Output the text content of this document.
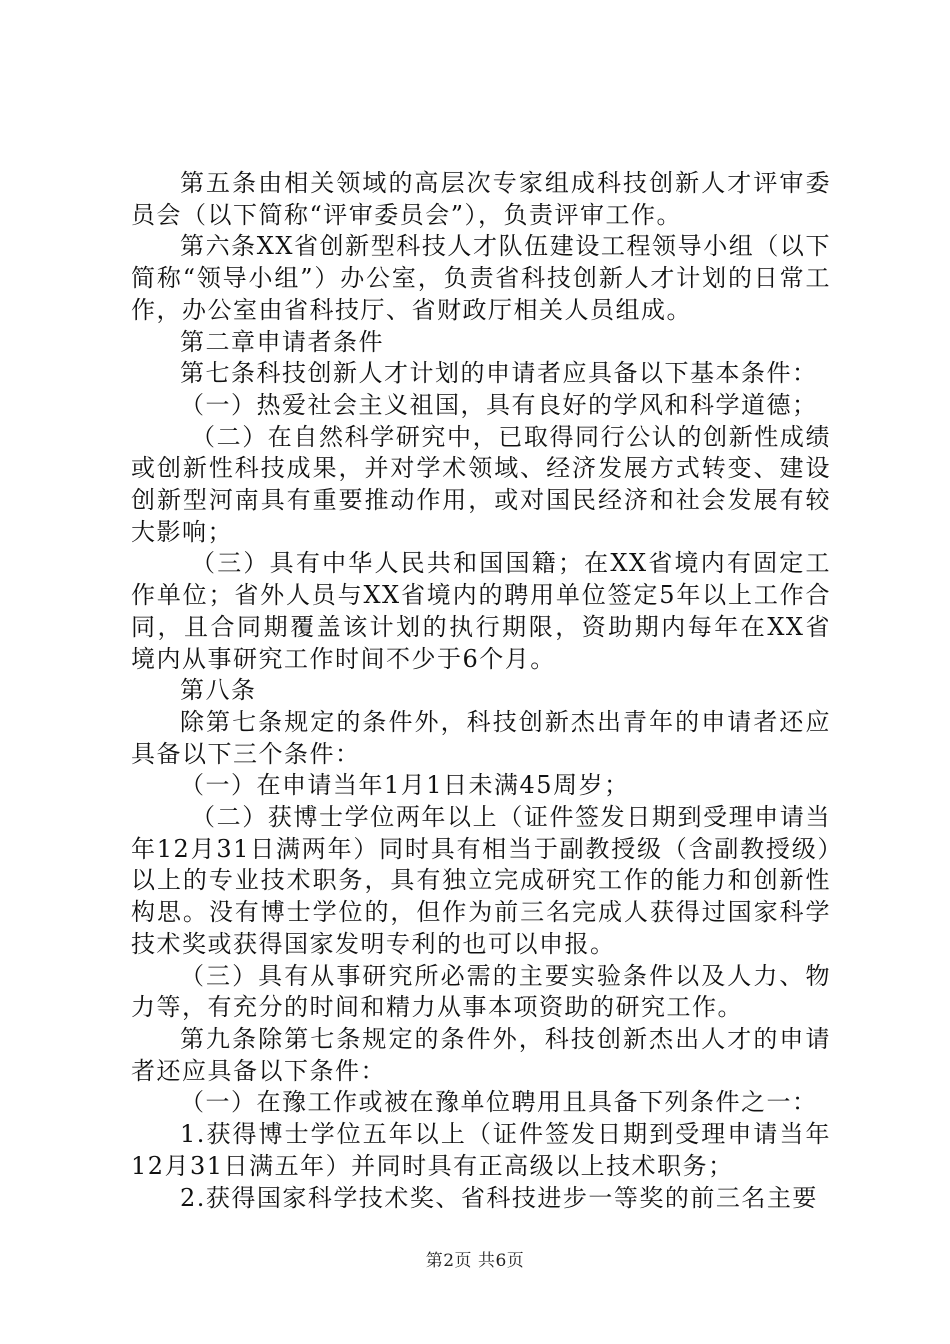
第五条由相关领域的高层次专家组成科技创新人才评审委员会（以下简称“评审委员会”），负责评审工作。

第六条XX省创新型科技人才队伍建设工程领导小组（以下简称“领导小组”）办公室，负责省科技创新人才计划的日常工作，办公室由省科技厅、省财政厅相关人员组成。

第二章申请者条件

第七条科技创新人才计划的申请者应具备以下基本条件：

（一）热爱社会主义祖国，具有良好的学风和科学道德；

（二）在自然科学研究中，已取得同行公认的创新性成绩或创新性科技成果，并对学术领域、经济发展方式转变、建设创新型河南具有重要推动作用，或对国民经济和社会发展有较大影响；

（三）具有中华人民共和国国籍；在XX省境内有固定工作单位；省外人员与XX省境内的聘用单位签定5年以上工作合同，且合同期覆盖该计划的执行期限，资助期内每年在XX省境内从事研究工作时间不少于6个月。

第八条

除第七条规定的条件外，科技创新杰出青年的申请者还应具备以下三个条件：

（一）在申请当年1月1日未满45周岁；

（二）获博士学位两年以上（证件签发日期到受理申请当年12月31日满两年）同时具有相当于副教授级（含副教授级）以上的专业技术职务，具有独立完成研究工作的能力和创新性构思。没有博士学位的，但作为前三名完成人获得过国家科学技术奖或获得国家发明专利的也可以申报。

（三）具有从事研究所必需的主要实验条件以及人力、物力等，有充分的时间和精力从事本项资助的研究工作。

第九条除第七条规定的条件外，科技创新杰出人才的申请者还应具备以下条件：

（一）在豫工作或被在豫单位聘用且具备下列条件之一：

1.获得博士学位五年以上（证件签发日期到受理申请当年12月31日满五年）并同时具有正高级以上技术职务；

2.获得国家科学技术奖、省科技进步一等奖的前三名主要

第2页 共6页
